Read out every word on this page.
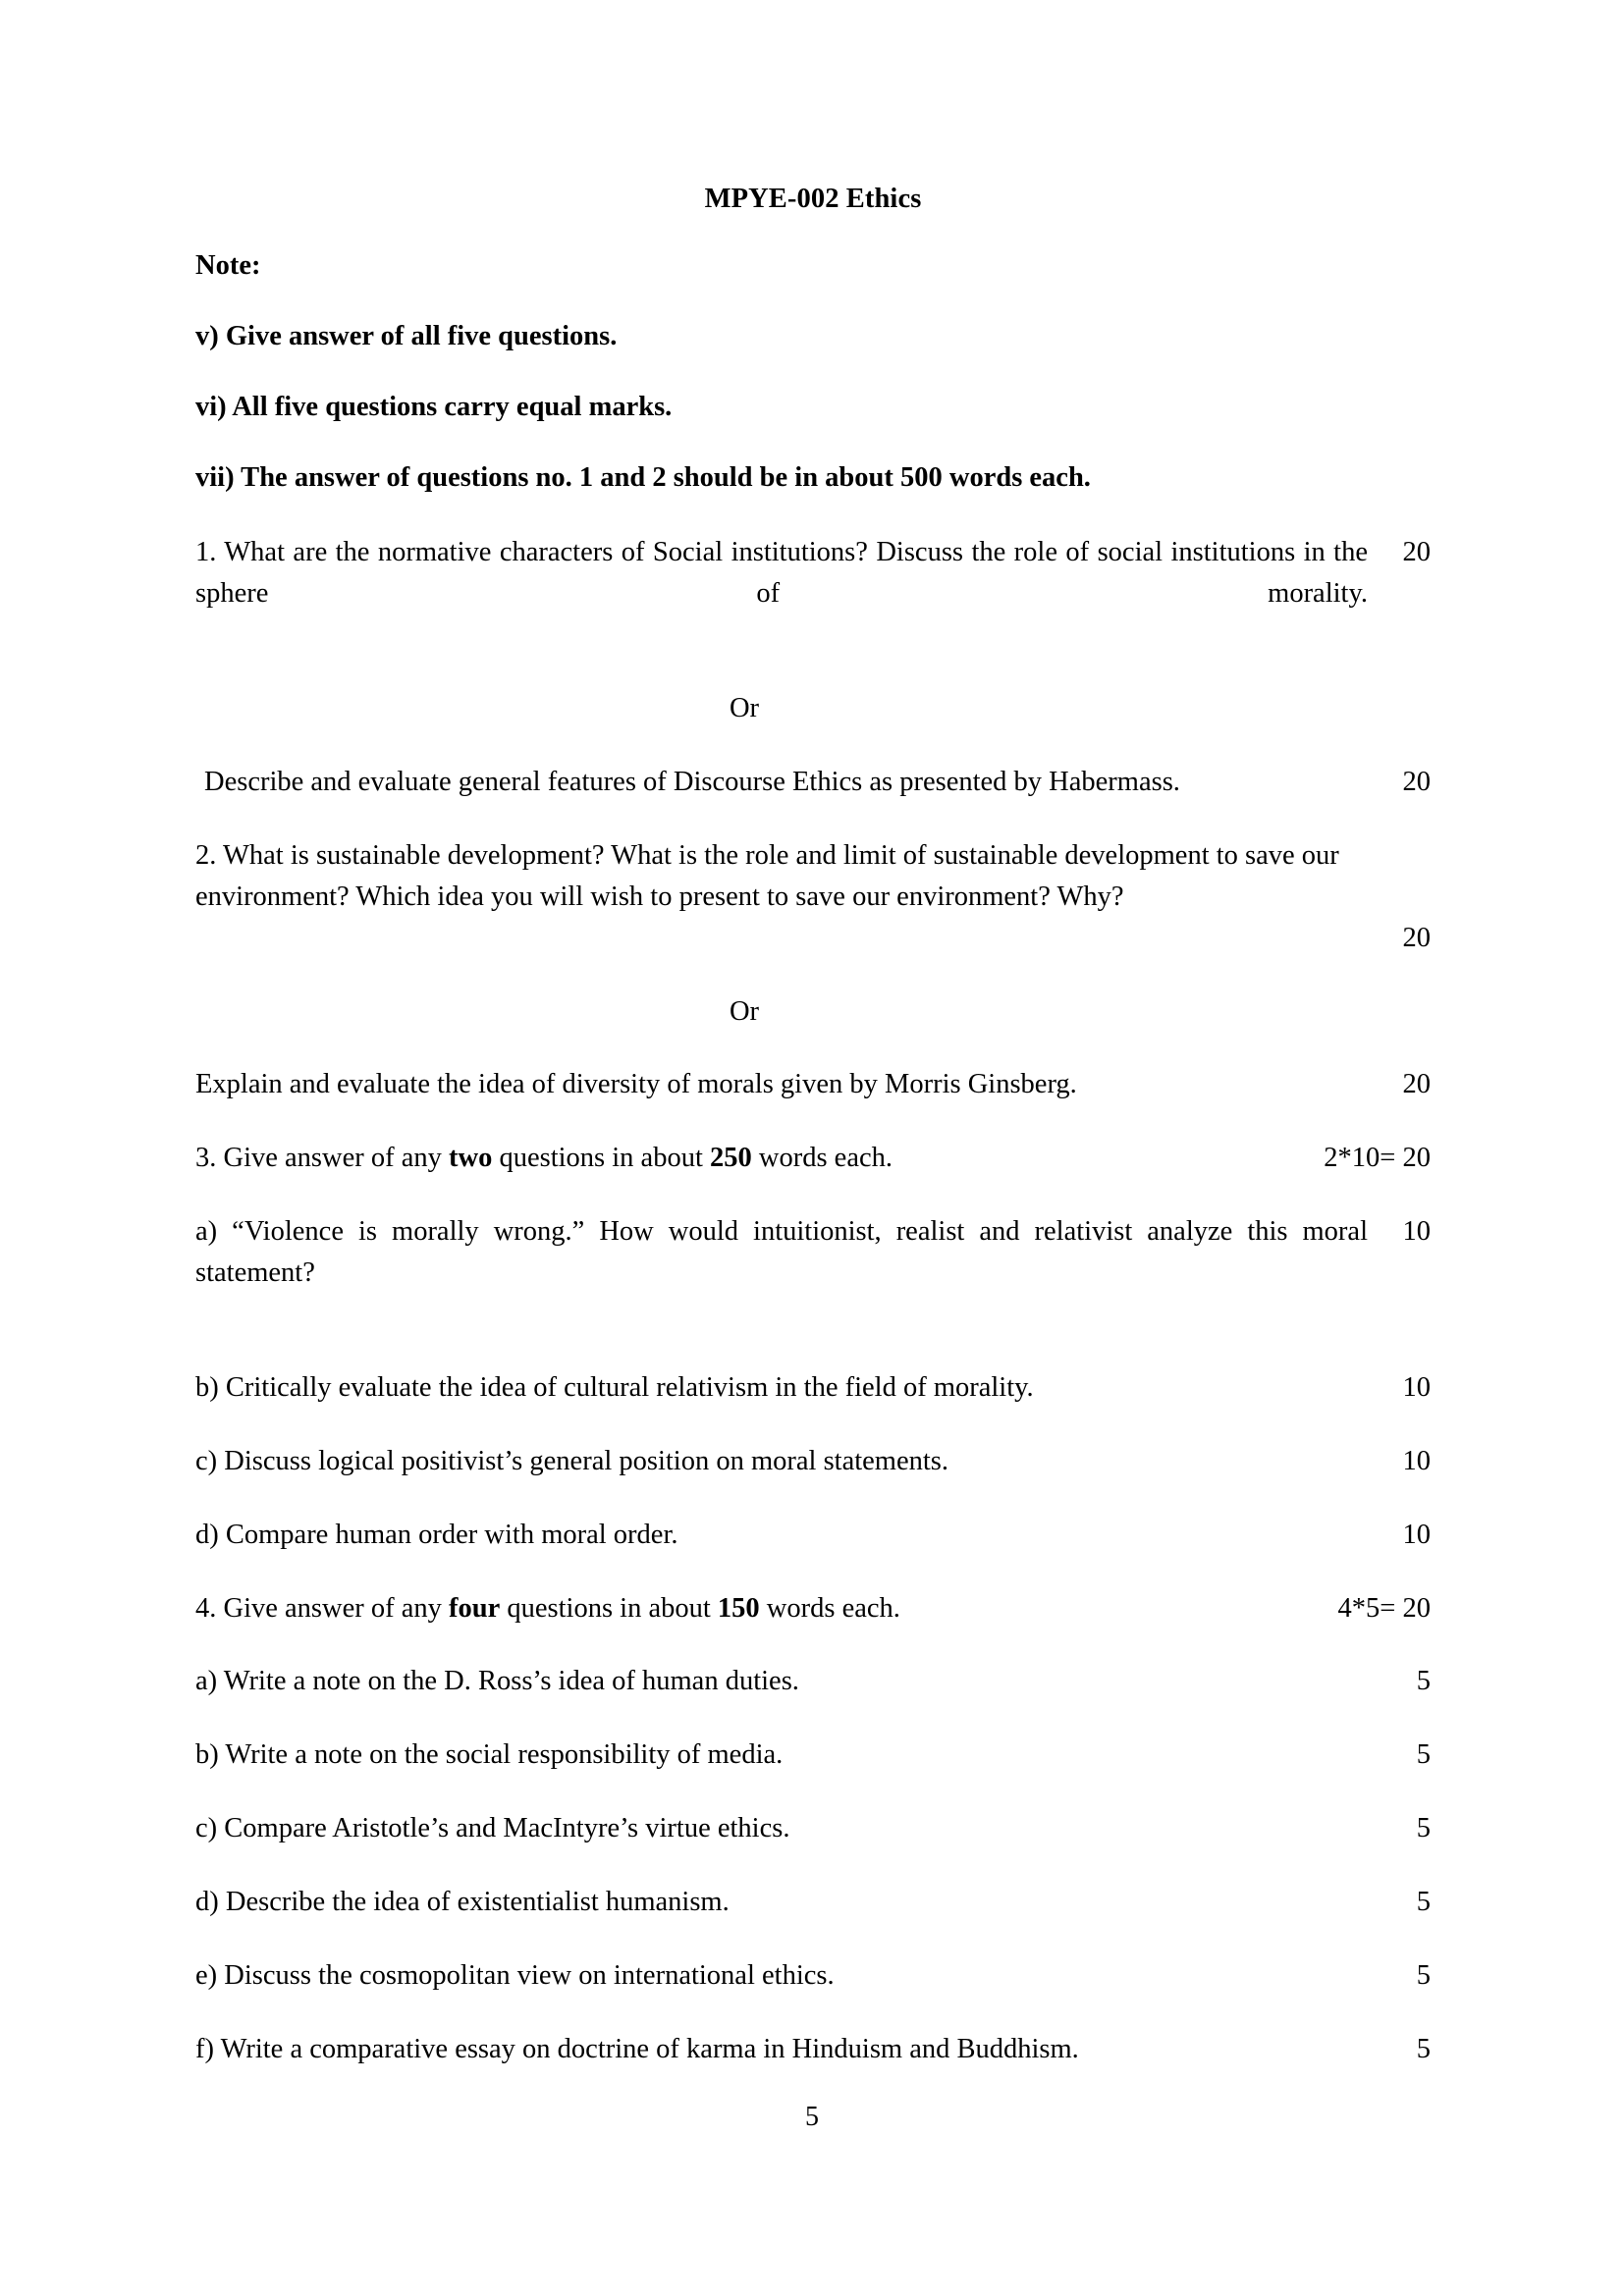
MPYE-002 Ethics
Note:
v) Give answer of all five questions.
vi) All five questions carry equal marks.
vii) The answer of questions no. 1 and 2 should be in about 500 words each.
1. What are the normative characters of Social institutions? Discuss the role of social institutions in the sphere of morality.
20
Or
Describe and evaluate general features of Discourse Ethics as presented by Habermass.	20
2. What is sustainable development? What is the role and limit of sustainable development to save our environment? Which idea you will wish to present to save our environment? Why?
20
Or
Explain and evaluate the idea of diversity of morals given by Morris Ginsberg.	20
3. Give answer of any two questions in about 250 words each.	2*10= 20
a) “Violence is morally wrong.” How would intuitionist, realist and relativist analyze this moral statement?
10
b) Critically evaluate the idea of cultural relativism in the field of morality.	10
c) Discuss logical positivist’s general position on moral statements.	10
d) Compare human order with moral order.	10
4. Give answer of any four questions in about 150 words each.	4*5= 20
a) Write a note on the D. Ross’s idea of human duties.	5
b) Write a note on the social responsibility of media.	5
c) Compare Aristotle’s and MacIntyre’s virtue ethics.	5
d) Describe the idea of existentialist humanism.	5
e) Discuss the cosmopolitan view on international ethics.	5
f) Write a comparative essay on doctrine of karma in Hinduism and Buddhism.	5
5
